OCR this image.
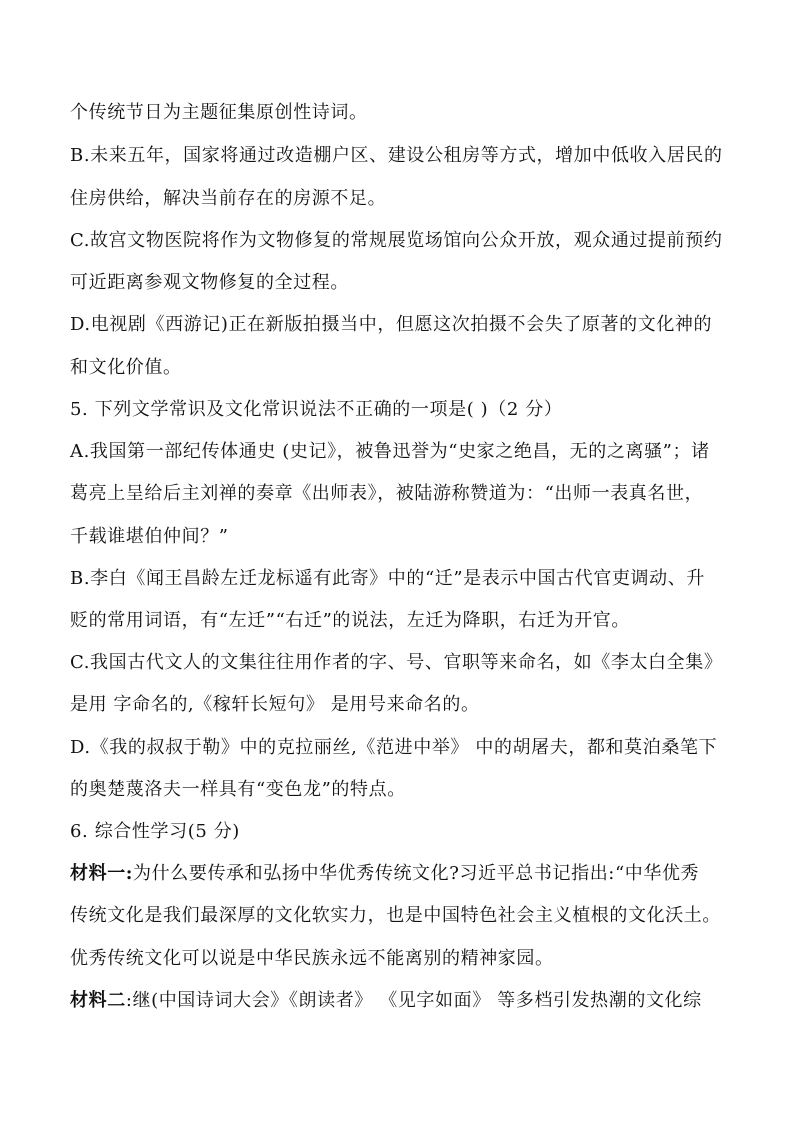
个传统节日为主题征集原创性诗词。
B.未来五年，国家将通过改造棚户区、建设公租房等方式，增加中低收入居民的
住房供给，解决当前存在的房源不足。
C.故宫文物医院将作为文物修复的常规展览场馆向公众开放，观众通过提前预约
可近距离参观文物修复的全过程。
D.电视剧《西游记)正在新版拍摄当中，但愿这次拍摄不会失了原著的文化神的
和文化价值。
5. 下列文学常识及文化常识说法不正确的一项是( )（2 分）
A.我国第一部纪传体通史 (史记》，被鲁迅誉为“史家之绝昌，无的之离骚”；诸
葛亮上呈给后主刘禅的奏章《出师表》，被陆游称赞道为：“出师一表真名世，
千载谁堪伯仲间？”
B.李白《闻王昌龄左迁龙标遥有此寄》中的“迁”是表示中国古代官吏调动、升
贬的常用词语，有“左迁”“右迁”的说法，左迁为降职，右迁为开官。
C.我国古代文人的文集往往用作者的字、号、官职等来命名，如《李太白全集》
是用 字命名的,《稼轩长短句》 是用号来命名的。
D.《我的叔叔于勒》中的克拉丽丝,《范进中举》 中的胡屠夫，都和莫泊桑笔下
的奥楚蔑洛夫一样具有“变色龙”的特点。
6. 综合性学习(5 分)
材料一:为什么要传承和弘扬中华优秀传统文化?习近平总书记指出:“中华优秀
传统文化是我们最深厚的文化软实力，也是中国特色社会主义植根的文化沃土。
优秀传统文化可以说是中华民族永远不能离别的精神家园。
材料二:继(中国诗词大会》《朗读者》 《见字如面》 等多档引发热潮的文化综
